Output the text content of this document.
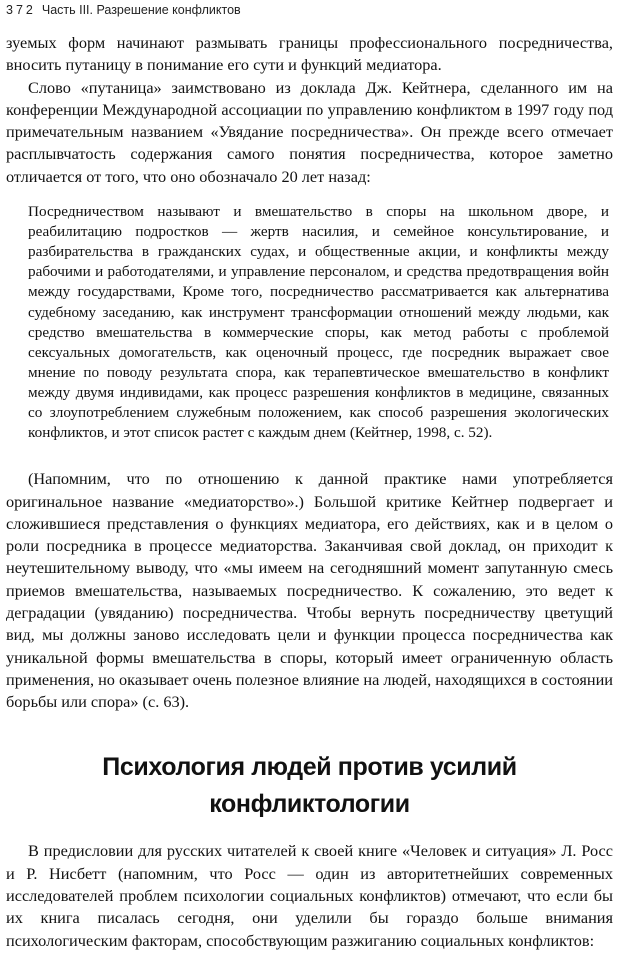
372 Часть III. Разрешение конфликтов

зуемых форм начинают размывать границы профессионального посредничества, вносить путаницу в понимание его сути и функций медиатора.

Слово «путаница» заимствовано из доклада Дж. Кейтнера, сделанного им на конференции Международной ассоциации по управлению конфликтом в 1997 году под примечательным названием «Увядание посредничества». Он прежде всего отмечает расплывчатость содержания самого понятия посредничества, которое заметно отличается от того, что оно обозначало 20 лет назад:

Посредничеством называют и вмешательство в споры на школьном дворе, и реабилитацию подростков — жертв насилия, и семейное консультирование, и разбирательства в гражданских судах, и общественные акции, и конфликты между рабочими и работодателями, и управление персоналом, и средства предотвращения войн между государствами, Кроме того, посредничество рассматривается как альтернатива судебному заседанию, как инструмент трансформации отношений между людьми, как средство вмешательства в коммерческие споры, как метод работы с проблемой сексуальных домогательств, как оценочный процесс, где посредник выражает свое мнение по поводу результата спора, как терапевтическое вмешательство в конфликт между двумя индивидами, как процесс разрешения конфликтов в медицине, связанных со злоупотреблением служебным положением, как способ разрешения экологических конфликтов, и этот список растет с каждым днем (Кейтнер, 1998, с. 52).

(Напомним, что по отношению к данной практике нами употребляется оригинальное название «медиаторство».) Большой критике Кейтнер подвергает и сложившиеся представления о функциях медиатора, его действиях, как и в целом о роли посредника в процессе медиаторства. Заканчивая свой доклад, он приходит к неутешительному выводу, что «мы имеем на сегодняшний момент запутанную смесь приемов вмешательства, называемых посредничество. К сожалению, это ведет к деградации (увяданию) посредничества. Чтобы вернуть посредничеству цветущий вид, мы должны заново исследовать цели и функции процесса посредничества как уникальной формы вмешательства в споры, который имеет ограниченную область применения, но оказывает очень полезное влияние на людей, находящихся в состоянии борьбы или спора» (с. 63).

Психология людей против усилий
конфликтологии

В предисловии для русских читателей к своей книге «Человек и ситуация» Л. Росс и Р. Нисбетт (напомним, что Росс — один из авторитетнейших современных исследователей проблем психологии социальных конфликтов) отмечают, что если бы их книга писалась сегодня, они уделили бы гораздо больше внимания психологическим факторам, способствующим разжиганию социальных конфликтов:
